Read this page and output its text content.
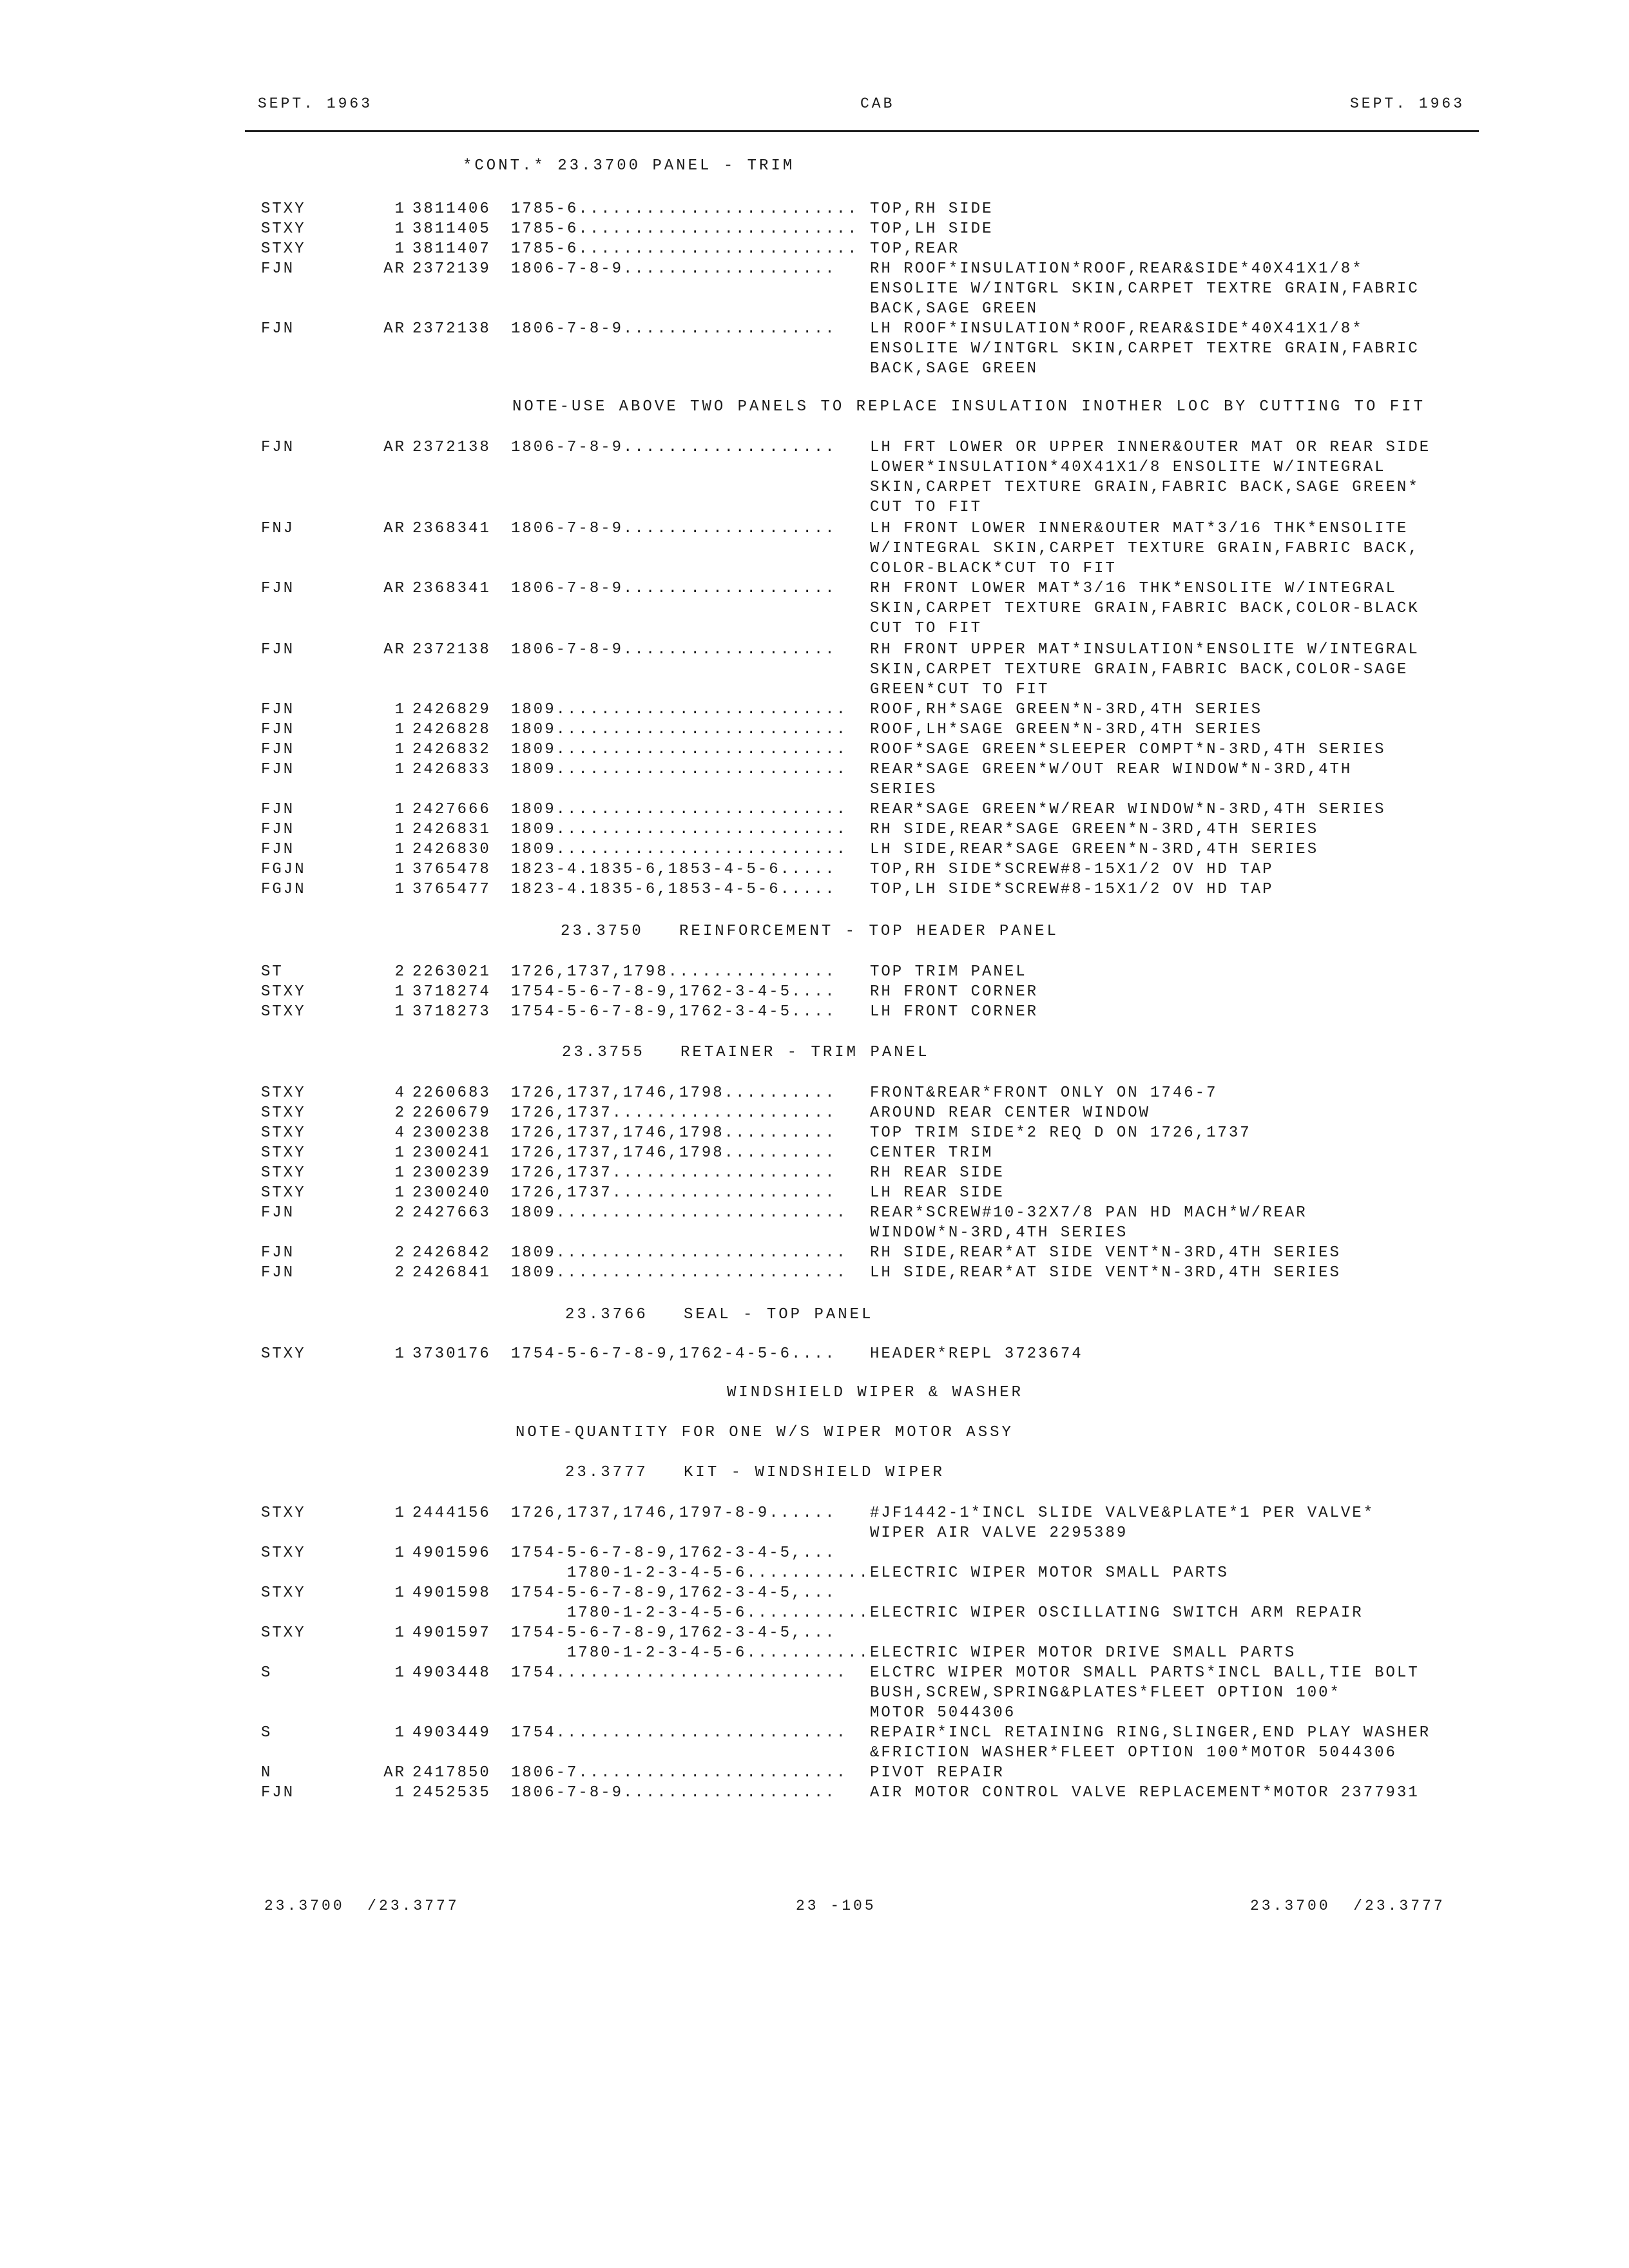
SEPT. 1963	CAB	SEPT. 1963
*CONT.* 23.3700 PANEL - TRIM
NOTE-USE ABOVE TWO PANELS TO REPLACE INSULATION INOTHER LOC BY CUTTING TO FIT
23.3750   REINFORCEMENT - TOP HEADER PANEL
23.3755   RETAINER - TRIM PANEL
23.3766   SEAL - TOP PANEL
WINDSHIELD WIPER & WASHER
NOTE-QUANTITY FOR ONE W/S WIPER MOTOR ASSY
23.3777   KIT - WINDSHIELD WIPER
STXY	1 3811406 1785-6......................... TOP,RH SIDE
STXY	1 3811405 1785-6......................... TOP,LH SIDE
STXY	1 3811407 1785-6......................... TOP,REAR
FJN	AR 2372139 1806-7-8-9................... RH ROOF*INSULATION*ROOF,REAR&SIDE*40X41X1/8*
ENSOLITE W/INTGRL SKIN,CARPET TEXTRE GRAIN,FABRIC
BACK,SAGE GREEN
FJN	AR 2372138 1806-7-8-9................... LH ROOF*INSULATION*ROOF,REAR&SIDE*40X41X1/8*
ENSOLITE W/INTGRL SKIN,CARPET TEXTRE GRAIN,FABRIC
BACK,SAGE GREEN
FJN	AR 2372138 1806-7-8-9................... LH FRT LOWER OR UPPER INNER&OUTER MAT OR REAR SIDE
LOWER*INSULATION*40X41X1/8 ENSOLITE W/INTEGRAL
SKIN,CARPET TEXTURE GRAIN,FABRIC BACK,SAGE GREEN*
CUT TO FIT
FNJ	AR 2368341 1806-7-8-9................... LH FRONT LOWER INNER&OUTER MAT*3/16 THK*ENSOLITE
W/INTEGRAL SKIN,CARPET TEXTURE GRAIN,FABRIC BACK,
COLOR-BLACK*CUT TO FIT
FJN	AR 2368341 1806-7-8-9................... RH FRONT LOWER MAT*3/16 THK*ENSOLITE W/INTEGRAL
SKIN,CARPET TEXTURE GRAIN,FABRIC BACK,COLOR-BLACK
CUT TO FIT
FJN	AR 2372138 1806-7-8-9................... RH FRONT UPPER MAT*INSULATION*ENSOLITE W/INTEGRAL
SKIN,CARPET TEXTURE GRAIN,FABRIC BACK,COLOR-SAGE
GREEN*CUT TO FIT
FJN	1 2426829 1809.......................... ROOF,RH*SAGE GREEN*N-3RD,4TH SERIES
FJN	1 2426828 1809.......................... ROOF,LH*SAGE GREEN*N-3RD,4TH SERIES
FJN	1 2426832 1809.......................... ROOF*SAGE GREEN*SLEEPER COMPT*N-3RD,4TH SERIES
FJN	1 2426833 1809.......................... REAR*SAGE GREEN*W/OUT REAR WINDOW*N-3RD,4TH
SERIES
FJN	1 2427666 1809.......................... REAR*SAGE GREEN*W/REAR WINDOW*N-3RD,4TH SERIES
FJN	1 2426831 1809.......................... RH SIDE,REAR*SAGE GREEN*N-3RD,4TH SERIES
FJN	1 2426830 1809.......................... LH SIDE,REAR*SAGE GREEN*N-3RD,4TH SERIES
FGJN	1 3765478 1823-4.1835-6,1853-4-5-6..... TOP,RH SIDE*SCREW#8-15X1/2 OV HD TAP
FGJN	1 3765477 1823-4.1835-6,1853-4-5-6..... TOP,LH SIDE*SCREW#8-15X1/2 OV HD TAP
ST	2 2263021 1726,1737,1798............... TOP TRIM PANEL
STXY	1 3718274 1754-5-6-7-8-9,1762-3-4-5.... RH FRONT CORNER
STXY	1 3718273 1754-5-6-7-8-9,1762-3-4-5.... LH FRONT CORNER
STXY	4 2260683 1726,1737,1746,1798.......... FRONT&REAR*FRONT ONLY ON 1746-7
STXY	2 2260679 1726,1737.................... AROUND REAR CENTER WINDOW
STXY	4 2300238 1726,1737,1746,1798.......... TOP TRIM SIDE*2 REQ D ON 1726,1737
STXY	1 2300241 1726,1737,1746,1798.......... CENTER TRIM
STXY	1 2300239 1726,1737.................... RH REAR SIDE
STXY	1 2300240 1726,1737.................... LH REAR SIDE
FJN	2 2427663 1809.......................... REAR*SCREW#10-32X7/8 PAN HD MACH*W/REAR
WINDOW*N-3RD,4TH SERIES
FJN	2 2426842 1809.......................... RH SIDE,REAR*AT SIDE VENT*N-3RD,4TH SERIES
FJN	2 2426841 1809.......................... LH SIDE,REAR*AT SIDE VENT*N-3RD,4TH SERIES
STXY	1 3730176 1754-5-6-7-8-9,1762-4-5-6.... HEADER*REPL 3723674
STXY	1 2444156 1726,1737,1746,1797-8-9...... #JF1442-1*INCL SLIDE VALVE&PLATE*1 PER VALVE*
WIPER AIR VALVE 2295389
STXY	1 4901596 1754-5-6-7-8-9,1762-3-4-5,...
1780-1-2-3-4-5-6........... ELECTRIC WIPER MOTOR SMALL PARTS
STXY	1 4901598 1754-5-6-7-8-9,1762-3-4-5,...
1780-1-2-3-4-5-6........... ELECTRIC WIPER OSCILLATING SWITCH ARM REPAIR
STXY	1 4901597 1754-5-6-7-8-9,1762-3-4-5,...
1780-1-2-3-4-5-6........... ELECTRIC WIPER MOTOR DRIVE SMALL PARTS
S	1 4903448 1754.......................... ELCTRC WIPER MOTOR SMALL PARTS*INCL BALL,TIE BOLT
BUSH,SCREW,SPRING&PLATES*FLEET OPTION 100*
MOTOR 5044306
S	1 4903449 1754.......................... REPAIR*INCL RETAINING RING,SLINGER,END PLAY WASHER
&FRICTION WASHER*FLEET OPTION 100*MOTOR 5044306
N	AR 2417850 1806-7........................ PIVOT REPAIR
FJN	1 2452535 1806-7-8-9................... AIR MOTOR CONTROL VALVE REPLACEMENT*MOTOR 2377931
23.3700  /23.3777	23 -105	23.3700  /23.3777
